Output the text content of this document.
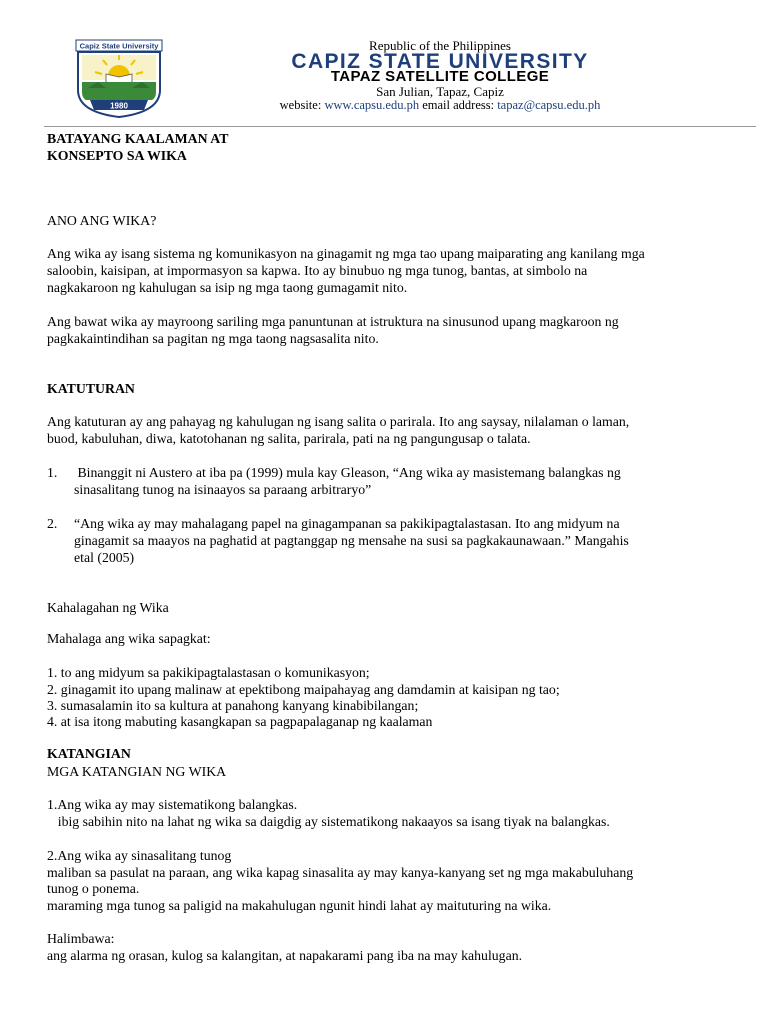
Capiz State University
1980
Republic of the Philippines
CAPIZ STATE UNIVERSITY
TAPAZ SATELLITE COLLEGE
San Julian, Tapaz, Capiz
website: www.capsu.edu.ph email address: tapaz@capsu.edu.ph
BATAYANG KAALAMAN AT
KONSEPTO SA WIKA
ANO ANG WIKA?
Ang wika ay isang sistema ng komunikasyon na ginagamit ng mga tao upang maiparating ang kanilang mga
saloobin, kaisipan, at impormasyon sa kapwa. Ito ay binubuo ng mga tunog, bantas, at simbolo na
nagkakaroon ng kahulugan sa isip ng mga taong gumagamit nito.
Ang bawat wika ay mayroong sariling mga panuntunan at istruktura na sinusunod upang magkaroon ng
pagkakaintindihan sa pagitan ng mga taong nagsasalita nito.
KATUTURAN
Ang katuturan ay ang pahayag ng kahulugan ng isang salita o parirala. Ito ang saysay, nilalaman o laman,
buod, kabuluhan, diwa, katotohanan ng salita, parirala, pati na ng pangungusap o talata.
1. Binanggit ni Austero at iba pa (1999) mula kay Gleason, “Ang wika ay masistemang balangkas ng
sinasalitang tunog na isinaayos sa paraang arbitraryo”
2. “Ang wika ay may mahalagang papel na ginagampanan sa pakikipagtalastasan. Ito ang midyum na
ginagamit sa maayos na paghatid at pagtanggap ng mensahe na susi sa pagkakaunawaan.” Mangahis
etal (2005)
Kahalagahan ng Wika
Mahalaga ang wika sapagkat:
1. to ang midyum sa pakikipagtalastasan o komunikasyon;
2. ginagamit ito upang malinaw at epektibong maipahayag ang damdamin at kaisipan ng tao;
3. sumasalamin ito sa kultura at panahong kanyang kinabibilangan;
4. at isa itong mabuting kasangkapan sa pagpapalaganap ng kaalaman
KATANGIAN
MGA KATANGIAN NG WIKA
1.Ang wika ay may sistematikong balangkas.
ibig sabihin nito na lahat ng wika sa daigdig ay sistematikong nakaayos sa isang tiyak na balangkas.
2.Ang wika ay sinasalitang tunog
maliban sa pasulat na paraan, ang wika kapag sinasalita ay may kanya-kanyang set ng mga makabuluhang
tunog o ponema.
maraming mga tunog sa paligid na makahulugan ngunit hindi lahat ay maituturing na wika.
Halimbawa:
ang alarma ng orasan, kulog sa kalangitan, at napakarami pang iba na may kahulugan.
